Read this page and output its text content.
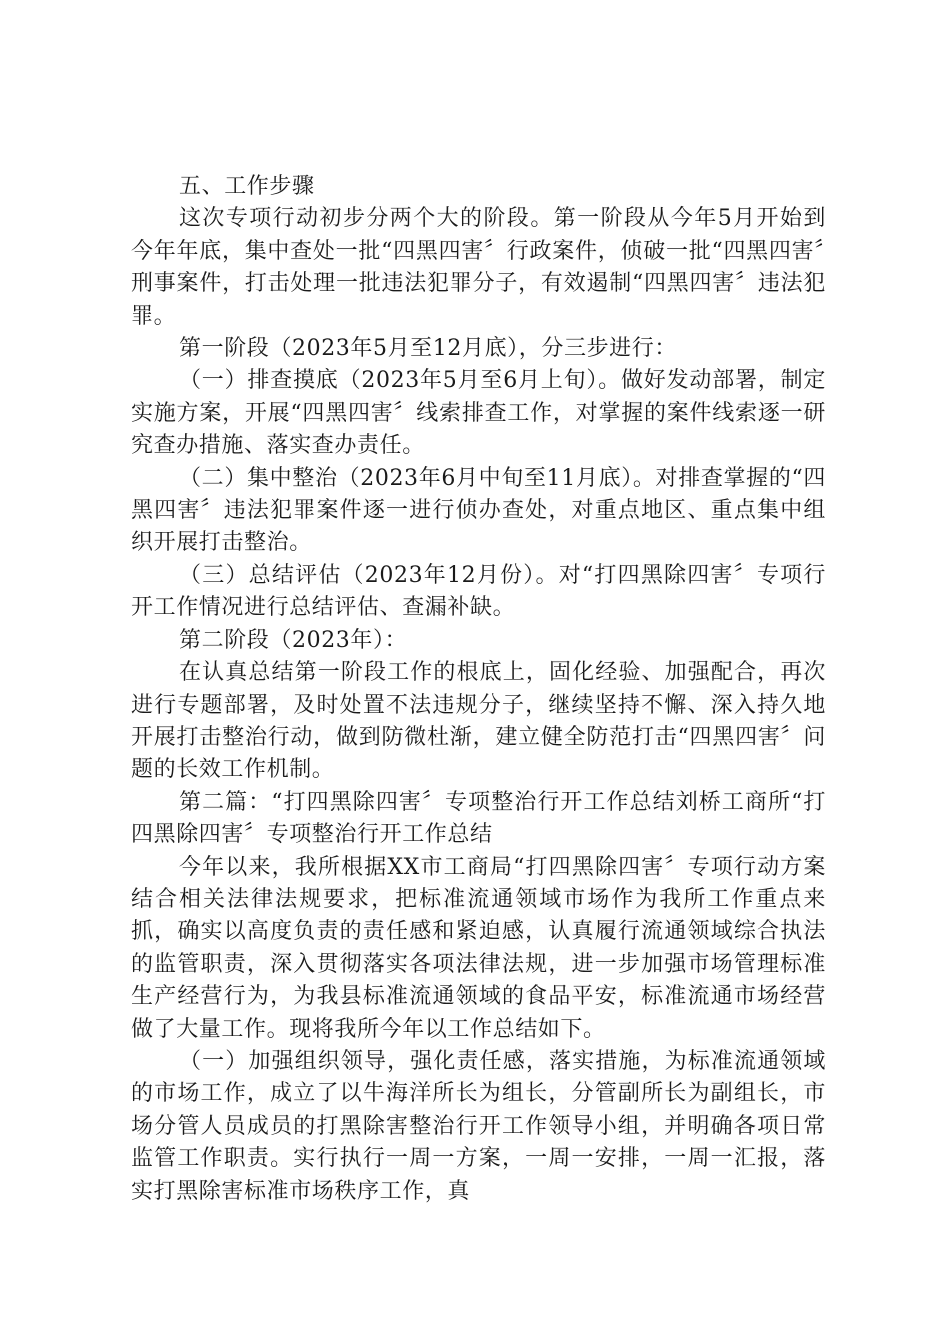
五、工作步骤

这次专项行动初步分两个大的阶段。第一阶段从今年5月开始到今年年底，集中查处一批“四黑四害〞行政案件，侦破一批“四黑四害〞刑事案件，打击处理一批违法犯罪分子，有效遏制“四黑四害〞违法犯罪。

第一阶段（2023年5月至12月底），分三步进行：

（一）排查摸底（2023年5月至6月上旬）。做好发动部署，制定实施方案，开展“四黑四害〞线索排查工作，对掌握的案件线索逐一研究查办措施、落实查办责任。

（二）集中整治（2023年6月中旬至11月底）。对排查掌握的“四黑四害〞违法犯罪案件逐一进行侦办查处，对重点地区、重点集中组织开展打击整治。

（三）总结评估（2023年12月份）。对“打四黑除四害〞专项行开工作情况进行总结评估、查漏补缺。

第二阶段（2023年）：

在认真总结第一阶段工作的根底上，固化经验、加强配合，再次进行专题部署，及时处置不法违规分子，继续坚持不懈、深入持久地开展打击整治行动，做到防微杜渐，建立健全防范打击“四黑四害〞问题的长效工作机制。

第二篇：“打四黑除四害〞专项整治行开工作总结刘桥工商所“打四黑除四害〞专项整治行开工作总结

今年以来，我所根据XX市工商局“打四黑除四害〞专项行动方案结合相关法律法规要求，把标准流通领域市场作为我所工作重点来抓，确实以高度负责的责任感和紧迫感，认真履行流通领域综合执法的监管职责，深入贯彻落实各项法律法规，进一步加强市场管理标准生产经营行为，为我县标准流通领域的食品平安，标准流通市场经营做了大量工作。现将我所今年以工作总结如下。

（一）加强组织领导，强化责任感，落实措施，为标准流通领域的市场工作，成立了以牛海洋所长为组长，分管副所长为副组长，市场分管人员成员的打黑除害整治行开工作领导小组，并明确各项日常监管工作职责。实行执行一周一方案，一周一安排，一周一汇报，落实打黑除害标准市场秩序工作，真
